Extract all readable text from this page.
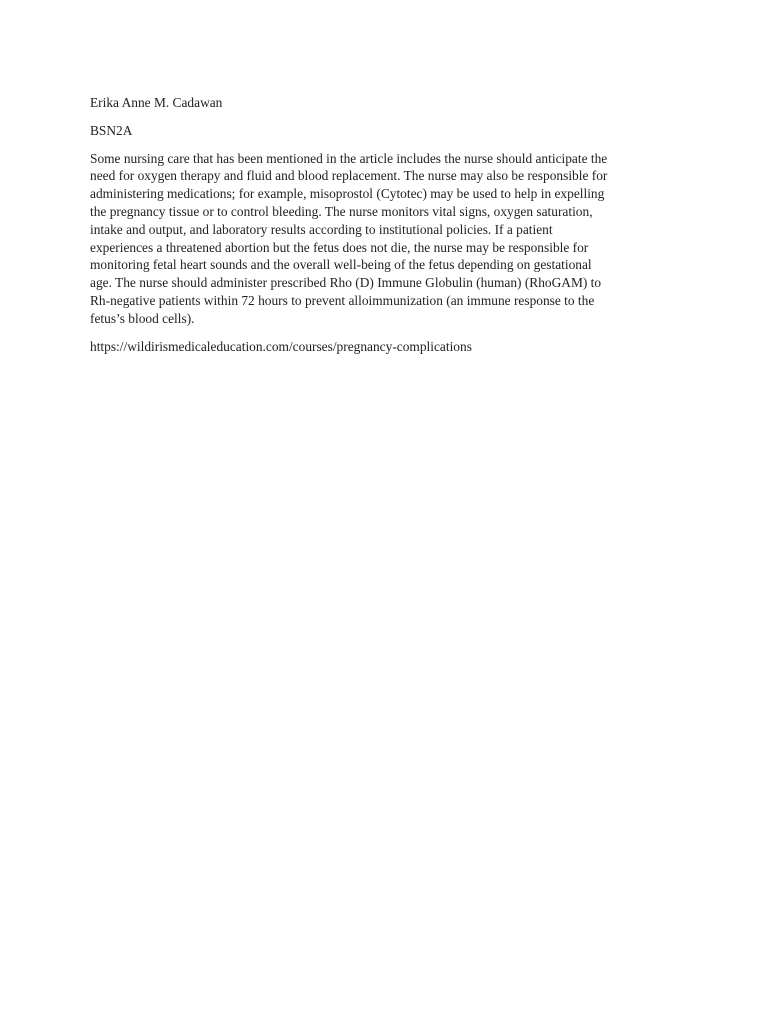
Erika Anne M. Cadawan

BSN2A

Some nursing care that has been mentioned in the article includes the nurse should anticipate the
need for oxygen therapy and fluid and blood replacement. The nurse may also be responsible for
administering medications; for example, misoprostol (Cytotec) may be used to help in expelling
the pregnancy tissue or to control bleeding. The nurse monitors vital signs, oxygen saturation,
intake and output, and laboratory results according to institutional policies. If a patient
experiences a threatened abortion but the fetus does not die, the nurse may be responsible for
monitoring fetal heart sounds and the overall well-being of the fetus depending on gestational
age. The nurse should administer prescribed Rho (D) Immune Globulin (human) (RhoGAM) to
Rh-negative patients within 72 hours to prevent alloimmunization (an immune response to the
fetus’s blood cells).

https://wildirismedicaleducation.com/courses/pregnancy-complications
